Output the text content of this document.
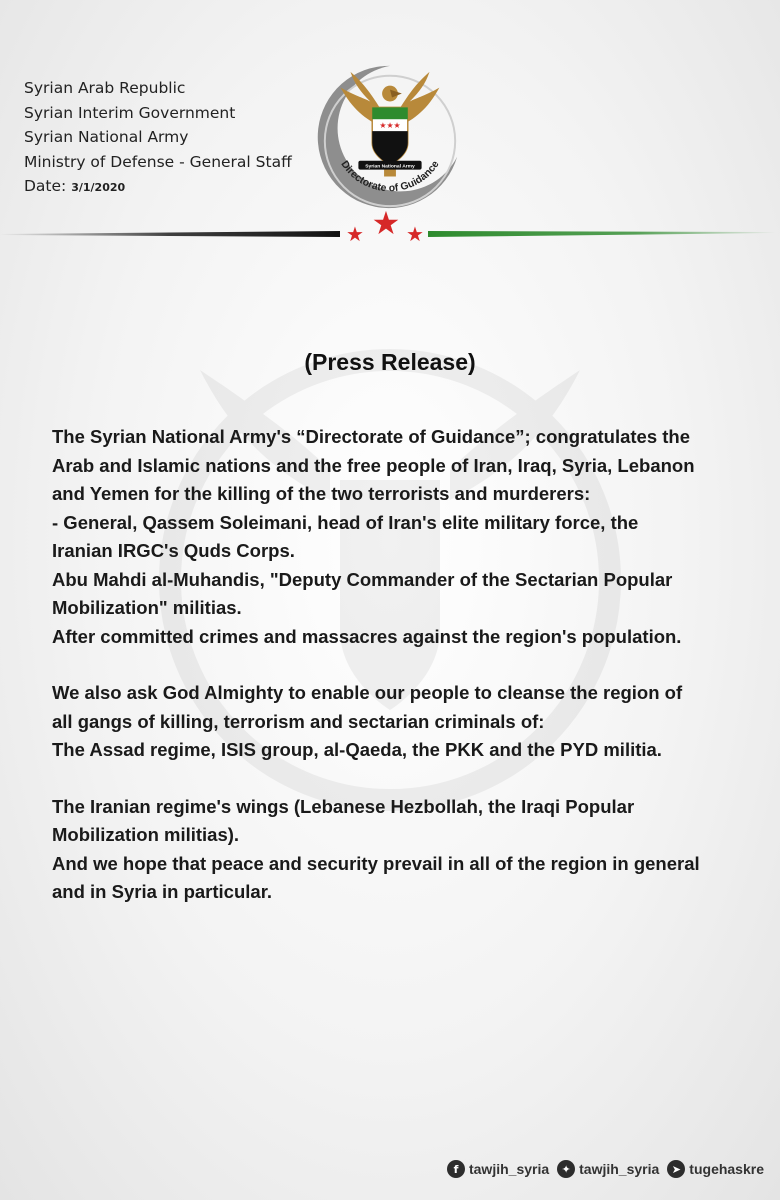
Syrian Arab Republic
Syrian Interim Government
Syrian National Army
Ministry of Defense - General Staff
Date: 3/1/2020
★★★
Syrian National Army
Directorate of Guidance
★ ★ ★
(Press Release)

The Syrian National Army's “Directorate of Guidance”; congratulates the

Arab and Islamic nations and the free people of Iran, Iraq, Syria, Lebanon

and Yemen for the killing of the two terrorists and murderers:

- General, Qassem Soleimani, head of Iran's elite military force, the

Iranian IRGC's Quds Corps.

Abu Mahdi al-Muhandis, "Deputy Commander of the Sectarian Popular

Mobilization" militias.

After committed crimes and massacres against the region's population.

We also ask God Almighty to enable our people to cleanse the region of

all gangs of killing, terrorism and sectarian criminals of:

The Assad regime, ISIS group, al-Qaeda, the PKK and the PYD militia.

The Iranian regime's wings (Lebanese Hezbollah, the Iraqi Popular

Mobilization militias).

And we hope that peace and security prevail in all of the region in general

and in Syria in particular.

f tawjih_syria	✦ tawjih_syria	➤ tugehaskre
